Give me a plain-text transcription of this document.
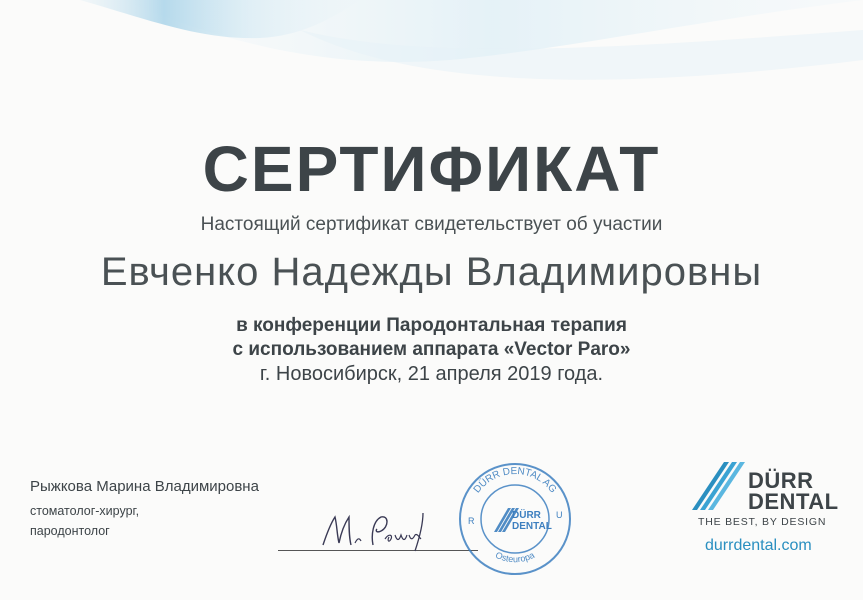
СЕРТИФИКАТ
Настоящий сертификат свидетельствует об участии
Евченко Надежды Владимировны
в конференции Пародонтальная терапия
с использованием аппарата «Vector Paro»
г. Новосибирск, 21 апреля 2019 года.
Рыжкова Марина Владимировна
стоматолог-хирург,
пародонтолог
DÜRR DENTAL AG
Osteuropa
R
U
DÜRR
DENTAL
DÜRR
DENTAL
THE BEST, BY DESIGN
durrdental.com
